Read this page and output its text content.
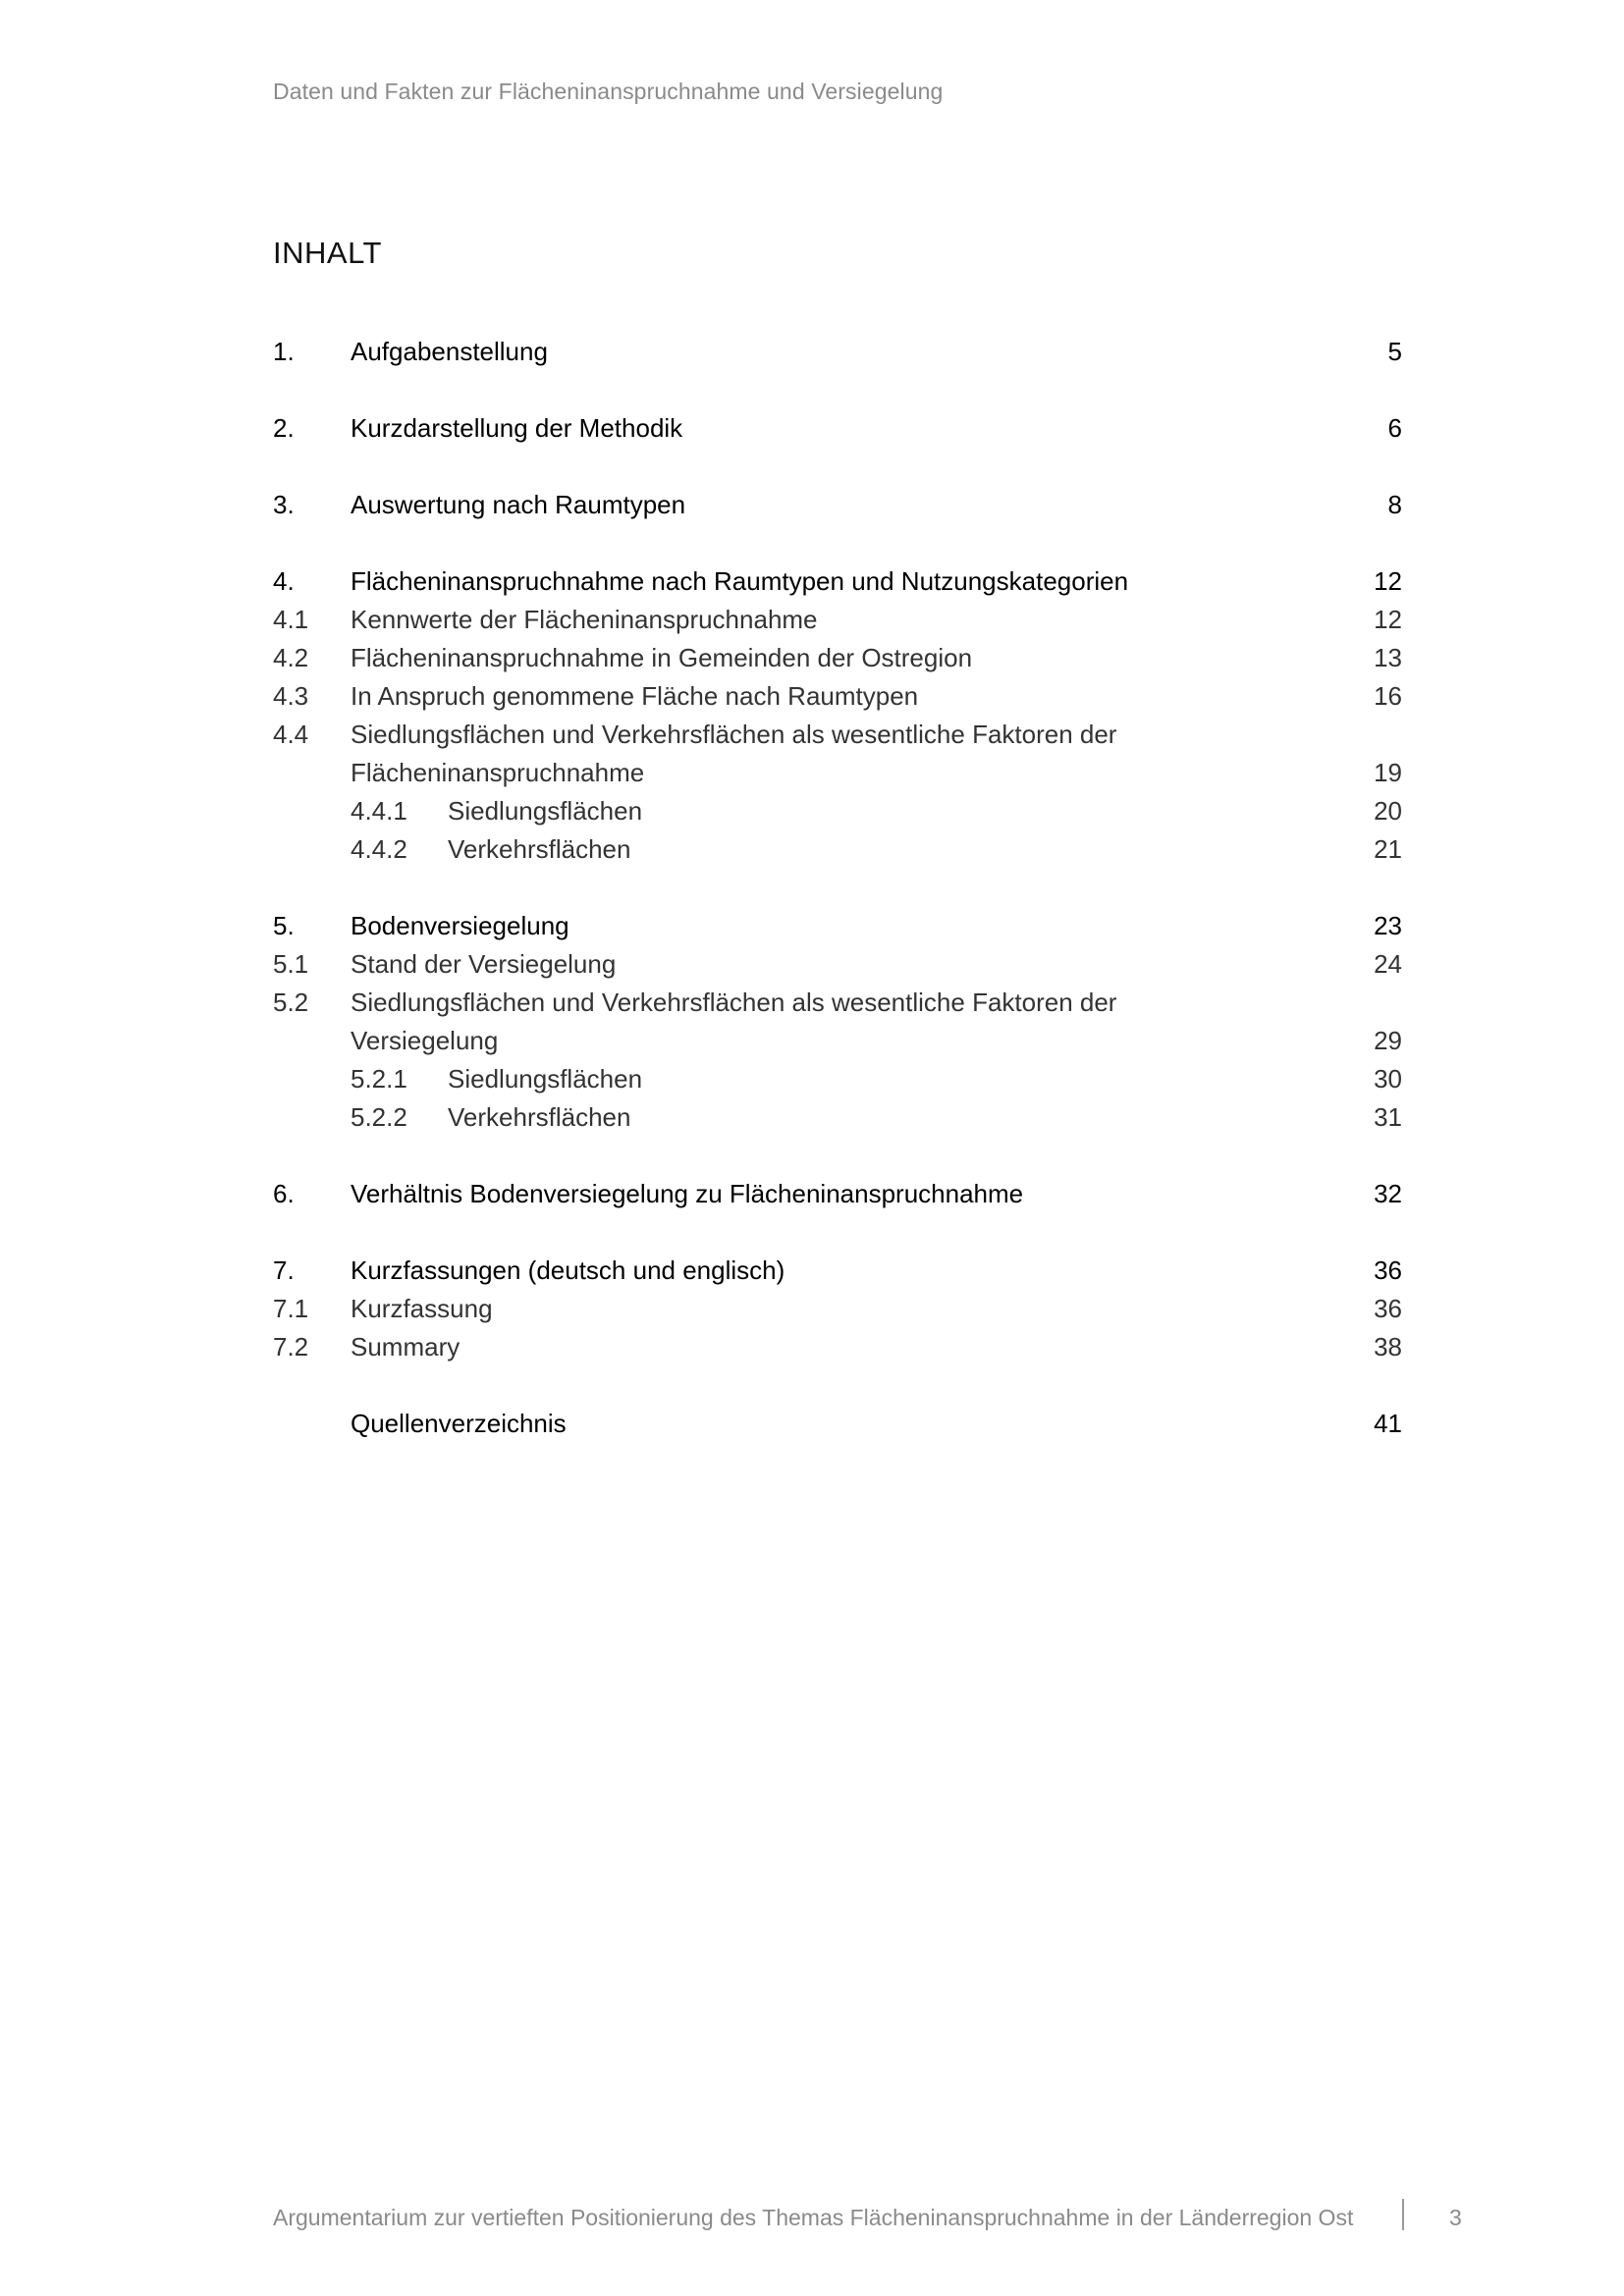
Daten und Fakten zur Flächeninanspruchnahme und Versiegelung
INHALT
1. Aufgabenstellung	5
2. Kurzdarstellung der Methodik	6
3. Auswertung nach Raumtypen	8
4. Flächeninanspruchnahme nach Raumtypen und Nutzungskategorien	12
4.1 Kennwerte der Flächeninanspruchnahme	12
4.2 Flächeninanspruchnahme in Gemeinden der Ostregion	13
4.3 In Anspruch genommene Fläche nach Raumtypen	16
4.4 Siedlungsflächen und Verkehrsflächen als wesentliche Faktoren der
Flächeninanspruchnahme	19
4.4.1 Siedlungsflächen	20
4.4.2 Verkehrsflächen	21
5. Bodenversiegelung	23
5.1 Stand der Versiegelung	24
5.2 Siedlungsflächen und Verkehrsflächen als wesentliche Faktoren der
Versiegelung	29
5.2.1 Siedlungsflächen	30
5.2.2 Verkehrsflächen	31
6. Verhältnis Bodenversiegelung zu Flächeninanspruchnahme	32
7. Kurzfassungen (deutsch und englisch)	36
7.1 Kurzfassung	36
7.2 Summary	38
Quellenverzeichnis	41
Argumentarium zur vertieften Positionierung des Themas Flächeninanspruchnahme in der Länderregion Ost	3
